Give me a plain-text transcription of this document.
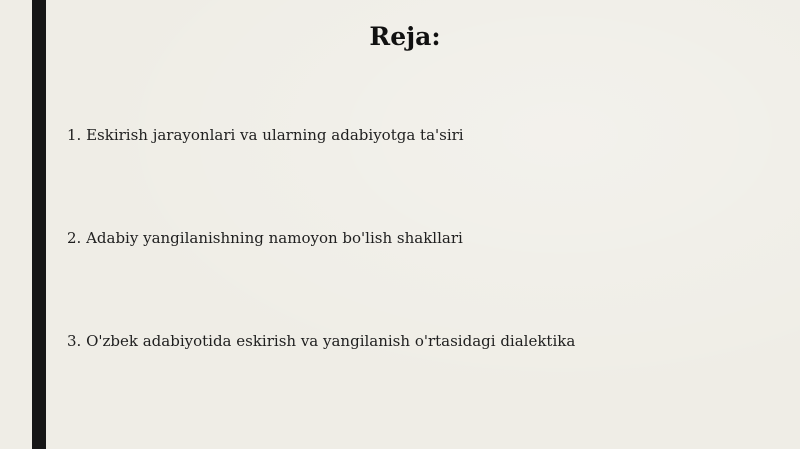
Reja:
1. Eskirish jarayonlari va ularning adabiyotga ta'siri
2. Adabiy yangilanishning namoyon bo'lish shakllari
3. O'zbek adabiyotida eskirish va yangilanish o'rtasidagi dialektika
